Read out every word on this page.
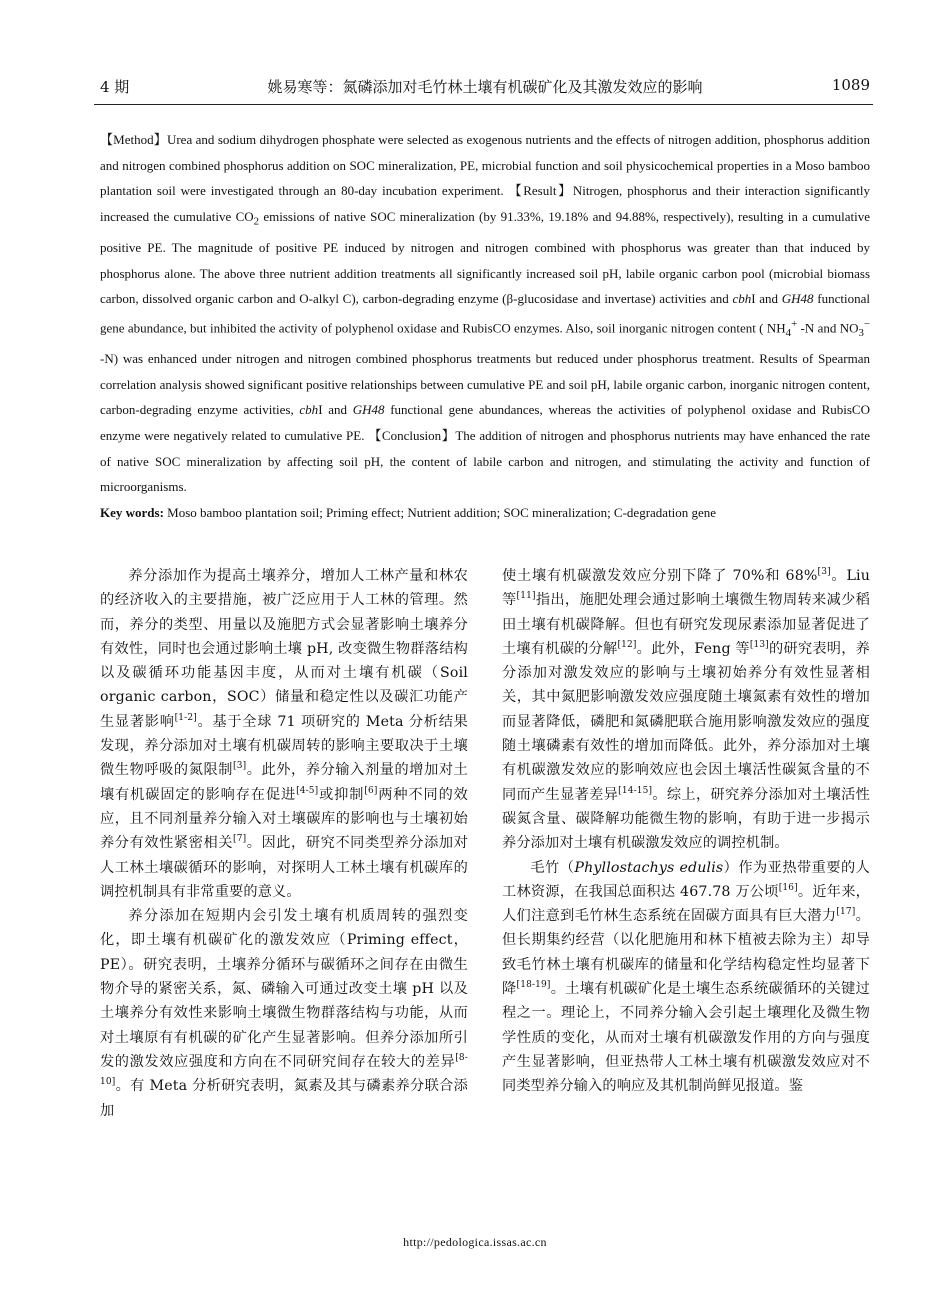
4 期	姚易寒等：氮磷添加对毛竹林土壤有机碳矿化及其激发效应的影响	1089

【Method】Urea and sodium dihydrogen phosphate were selected as exogenous nutrients and the effects of nitrogen addition, phosphorus addition and nitrogen combined phosphorus addition on SOC mineralization, PE, microbial function and soil physicochemical properties in a Moso bamboo plantation soil were investigated through an 80-day incubation experiment. 【Result】Nitrogen, phosphorus and their interaction significantly increased the cumulative $CO_2$ emissions of native SOC mineralization (by 91.33%, 19.18% and 94.88%, respectively), resulting in a cumulative positive PE. The magnitude of positive PE induced by nitrogen and nitrogen combined with phosphorus was greater than that induced by phosphorus alone. The above three nutrient addition treatments all significantly increased soil pH, labile organic carbon pool (microbial biomass carbon, dissolved organic carbon and O-alkyl C), carbon-degrading enzyme (β-glucosidase and invertase) activities and cbhI and GH48 functional gene abundance, but inhibited the activity of polyphenol oxidase and RubisCO enzymes. Also, soil inorganic nitrogen content ( $NH_4^+$ -N and $NO_3^-$ -N) was enhanced under nitrogen and nitrogen combined phosphorus treatments but reduced under phosphorus treatment. Results of Spearman correlation analysis showed significant positive relationships between cumulative PE and soil pH, labile organic carbon, inorganic nitrogen content, carbon-degrading enzyme activities, cbhI and GH48 functional gene abundances, whereas the activities of polyphenol oxidase and RubisCO enzyme were negatively related to cumulative PE. 【Conclusion】The addition of nitrogen and phosphorus nutrients may have enhanced the rate of native SOC mineralization by affecting soil pH, the content of labile carbon and nitrogen, and stimulating the activity and function of microorganisms.

Key words: Moso bamboo plantation soil; Priming effect; Nutrient addition; SOC mineralization; C-degradation gene

养分添加作为提高土壤养分，增加人工林产量和林农的经济收入的主要措施，被广泛应用于人工林的管理。然而，养分的类型、用量以及施肥方式会显著影响土壤养分有效性，同时也会通过影响土壤 pH, 改变微生物群落结构以及碳循环功能基因丰度，从而对土壤有机碳（Soil organic carbon，SOC）储量和稳定性以及碳汇功能产生显著影响[1-2]。基于全球 71 项研究的 Meta 分析结果发现，养分添加对土壤有机碳周转的影响主要取决于土壤微生物呼吸的氮限制[3]。此外，养分输入剂量的增加对土壤有机碳固定的影响存在促进[4-5]或抑制[6]两种不同的效应，且不同剂量养分输入对土壤碳库的影响也与土壤初始养分有效性紧密相关[7]。因此，研究不同类型养分添加对人工林土壤碳循环的影响，对探明人工林土壤有机碳库的调控机制具有非常重要的意义。

养分添加在短期内会引发土壤有机质周转的强烈变化，即土壤有机碳矿化的激发效应（Priming effect，PE）。研究表明，土壤养分循环与碳循环之间存在由微生物介导的紧密关系，氮、磷输入可通过改变土壤 pH 以及土壤养分有效性来影响土壤微生物群落结构与功能，从而对土壤原有有机碳的矿化产生显著影响。但养分添加所引发的激发效应强度和方向在不同研究间存在较大的差异[8-10]。有 Meta 分析研究表明，氮素及其与磷素养分联合添加

使土壤有机碳激发效应分别下降了 70%和 68%[3]。Liu 等[11]指出，施肥处理会通过影响土壤微生物周转来减少稻田土壤有机碳降解。但也有研究发现尿素添加显著促进了土壤有机碳的分解[12]。此外，Feng 等[13]的研究表明，养分添加对激发效应的影响与土壤初始养分有效性显著相关，其中氮肥影响激发效应强度随土壤氮素有效性的增加而显著降低，磷肥和氮磷肥联合施用影响激发效应的强度随土壤磷素有效性的增加而降低。此外，养分添加对土壤有机碳激发效应的影响效应也会因土壤活性碳氮含量的不同而产生显著差异[14-15]。综上，研究养分添加对土壤活性碳氮含量、碳降解功能微生物的影响，有助于进一步揭示养分添加对土壤有机碳激发效应的调控机制。

毛竹（Phyllostachys edulis）作为亚热带重要的人工林资源，在我国总面积达 467.78 万公顷[16]。近年来，人们注意到毛竹林生态系统在固碳方面具有巨大潜力[17]。但长期集约经营（以化肥施用和林下植被去除为主）却导致毛竹林土壤有机碳库的储量和化学结构稳定性均显著下降[18-19]。土壤有机碳矿化是土壤生态系统碳循环的关键过程之一。理论上，不同养分输入会引起土壤理化及微生物学性质的变化，从而对土壤有机碳激发作用的方向与强度产生显著影响，但亚热带人工林土壤有机碳激发效应对不同类型养分输入的响应及其机制尚鲜见报道。鉴

http://pedologica.issas.ac.cn
